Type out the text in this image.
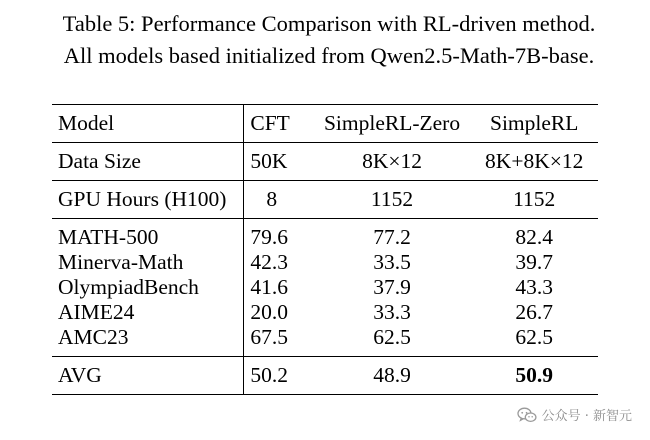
Table 5: Performance Comparison with RL-driven method.
All models based initialized from Qwen2.5-Math-7B-base.
Model	CFT	SimpleRL-Zero	SimpleRL
Data Size	50K	8K×12	8K+8K×12
GPU Hours (H100)	8	1152	1152
MATH-500	79.6	77.2	82.4
Minerva-Math	42.3	33.5	39.7
OlympiadBench	41.6	37.9	43.3
AIME24	20.0	33.3	26.7
AMC23	67.5	62.5	62.5
AVG	50.2	48.9	50.9
公众号 · 新智元
